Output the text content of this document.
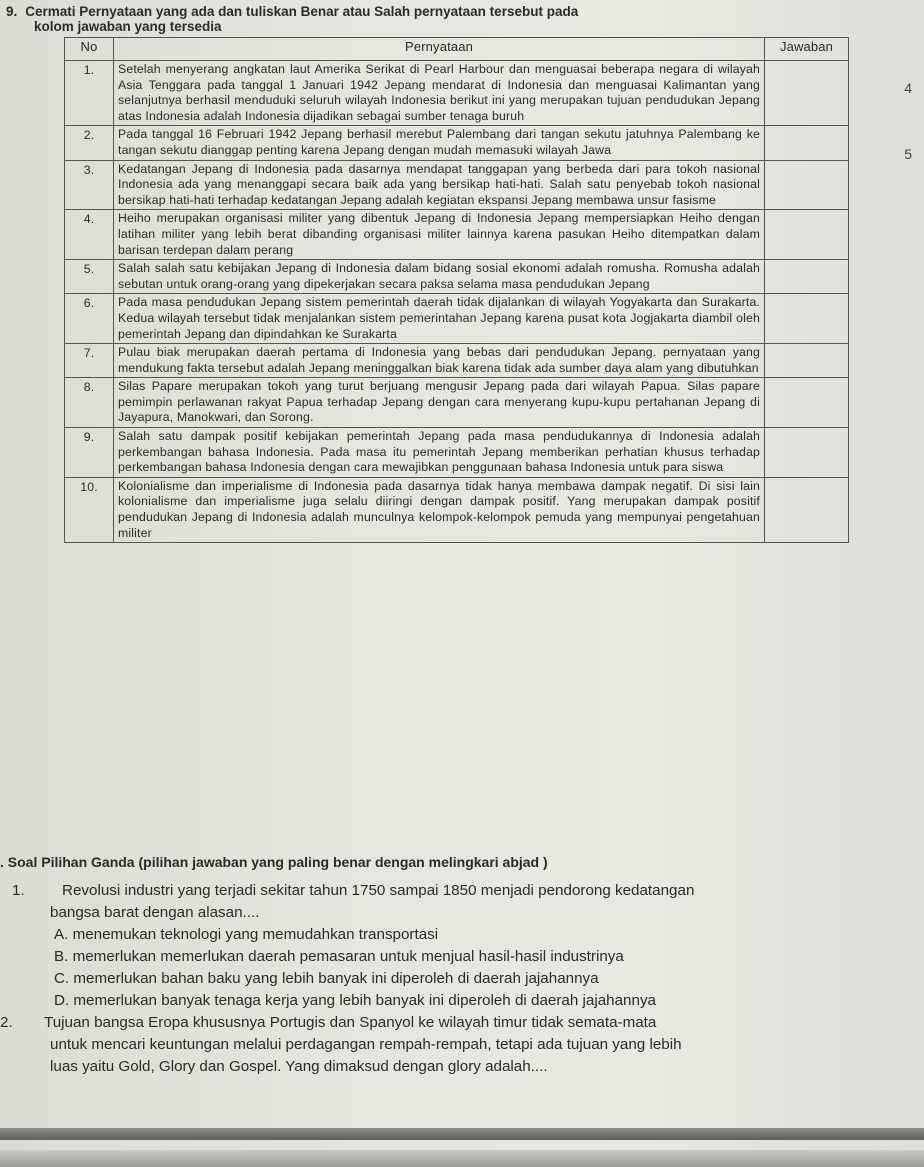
9. Cermati Pernyataan yang ada dan tuliskan Benar atau Salah pernyataan tersebut pada
kolom jawaban yang tersedia
No	Pernyataan	Jawaban
1.	Setelah menyerang angkatan laut Amerika Serikat di Pearl Harbour dan menguasai beberapa negara di wilayah Asia Tenggara pada tanggal 1 Januari 1942 Jepang mendarat di Indonesia dan menguasai Kalimantan yang selanjutnya berhasil menduduki seluruh wilayah Indonesia berikut ini yang merupakan tujuan pendudukan Jepang atas Indonesia adalah Indonesia dijadikan sebagai sumber tenaga buruh	
2.	Pada tanggal 16 Februari 1942 Jepang berhasil merebut Palembang dari tangan sekutu jatuhnya Palembang ke tangan sekutu dianggap penting karena Jepang dengan mudah memasuki wilayah Jawa	
3.	Kedatangan Jepang di Indonesia pada dasarnya mendapat tanggapan yang berbeda dari para tokoh nasional Indonesia ada yang menanggapi secara baik ada yang bersikap hati-hati. Salah satu penyebab tokoh nasional bersikap hati-hati terhadap kedatangan Jepang adalah kegiatan ekspansi Jepang membawa unsur fasisme	
4.	Heiho merupakan organisasi militer yang dibentuk Jepang di Indonesia Jepang mempersiapkan Heiho dengan latihan militer yang lebih berat dibanding organisasi militer lainnya karena pasukan Heiho ditempatkan dalam barisan terdepan dalam perang	
5.	Salah salah satu kebijakan Jepang di Indonesia dalam bidang sosial ekonomi adalah romusha. Romusha adalah sebutan untuk orang-orang yang dipekerjakan secara paksa selama masa pendudukan Jepang	
6.	Pada masa pendudukan Jepang sistem pemerintah daerah tidak dijalankan di wilayah Yogyakarta dan Surakarta. Kedua wilayah tersebut tidak menjalankan sistem pemerintahan Jepang karena pusat kota Jogjakarta diambil oleh pemerintah Jepang dan dipindahkan ke Surakarta	
7.	Pulau biak merupakan daerah pertama di Indonesia yang bebas dari pendudukan Jepang. pernyataan yang mendukung fakta tersebut adalah Jepang meninggalkan biak karena tidak ada sumber daya alam yang dibutuhkan	
8.	Silas Papare merupakan tokoh yang turut berjuang mengusir Jepang pada dari wilayah Papua. Silas papare pemimpin perlawanan rakyat Papua terhadap Jepang dengan cara menyerang kupu-kupu pertahanan Jepang di Jayapura, Manokwari, dan Sorong.	
9.	Salah satu dampak positif kebijakan pemerintah Jepang pada masa pendudukannya di Indonesia adalah perkembangan bahasa Indonesia. Pada masa itu pemerintah Jepang memberikan perhatian khusus terhadap perkembangan bahasa Indonesia dengan cara mewajibkan penggunaan bahasa Indonesia untuk para siswa	
10.	Kolonialisme dan imperialisme di Indonesia pada dasarnya tidak hanya membawa dampak negatif. Di sisi lain kolonialisme dan imperialisme juga selalu diiringi dengan dampak positif. Yang merupakan dampak positif pendudukan Jepang di Indonesia adalah munculnya kelompok-kelompok pemuda yang mempunyai pengetahuan militer	
4
5
. Soal Pilihan Ganda (pilihan jawaban yang paling benar dengan melingkari abjad )
1.	Revolusi industri yang terjadi sekitar tahun 1750 sampai 1850 menjadi pendorong kedatangan
bangsa barat dengan alasan....
A. menemukan teknologi yang memudahkan transportasi
B. memerlukan memerlukan daerah pemasaran untuk menjual hasil-hasil industrinya
C. memerlukan bahan baku yang lebih banyak ini diperoleh di daerah jajahannya
D. memerlukan banyak tenaga kerja yang lebih banyak ini diperoleh di daerah jajahannya
2.	Tujuan bangsa Eropa khususnya Portugis dan Spanyol ke wilayah timur tidak semata-mata
untuk mencari keuntungan melalui perdagangan rempah-rempah, tetapi ada tujuan yang lebih
luas yaitu Gold, Glory dan Gospel. Yang dimaksud dengan glory adalah....
